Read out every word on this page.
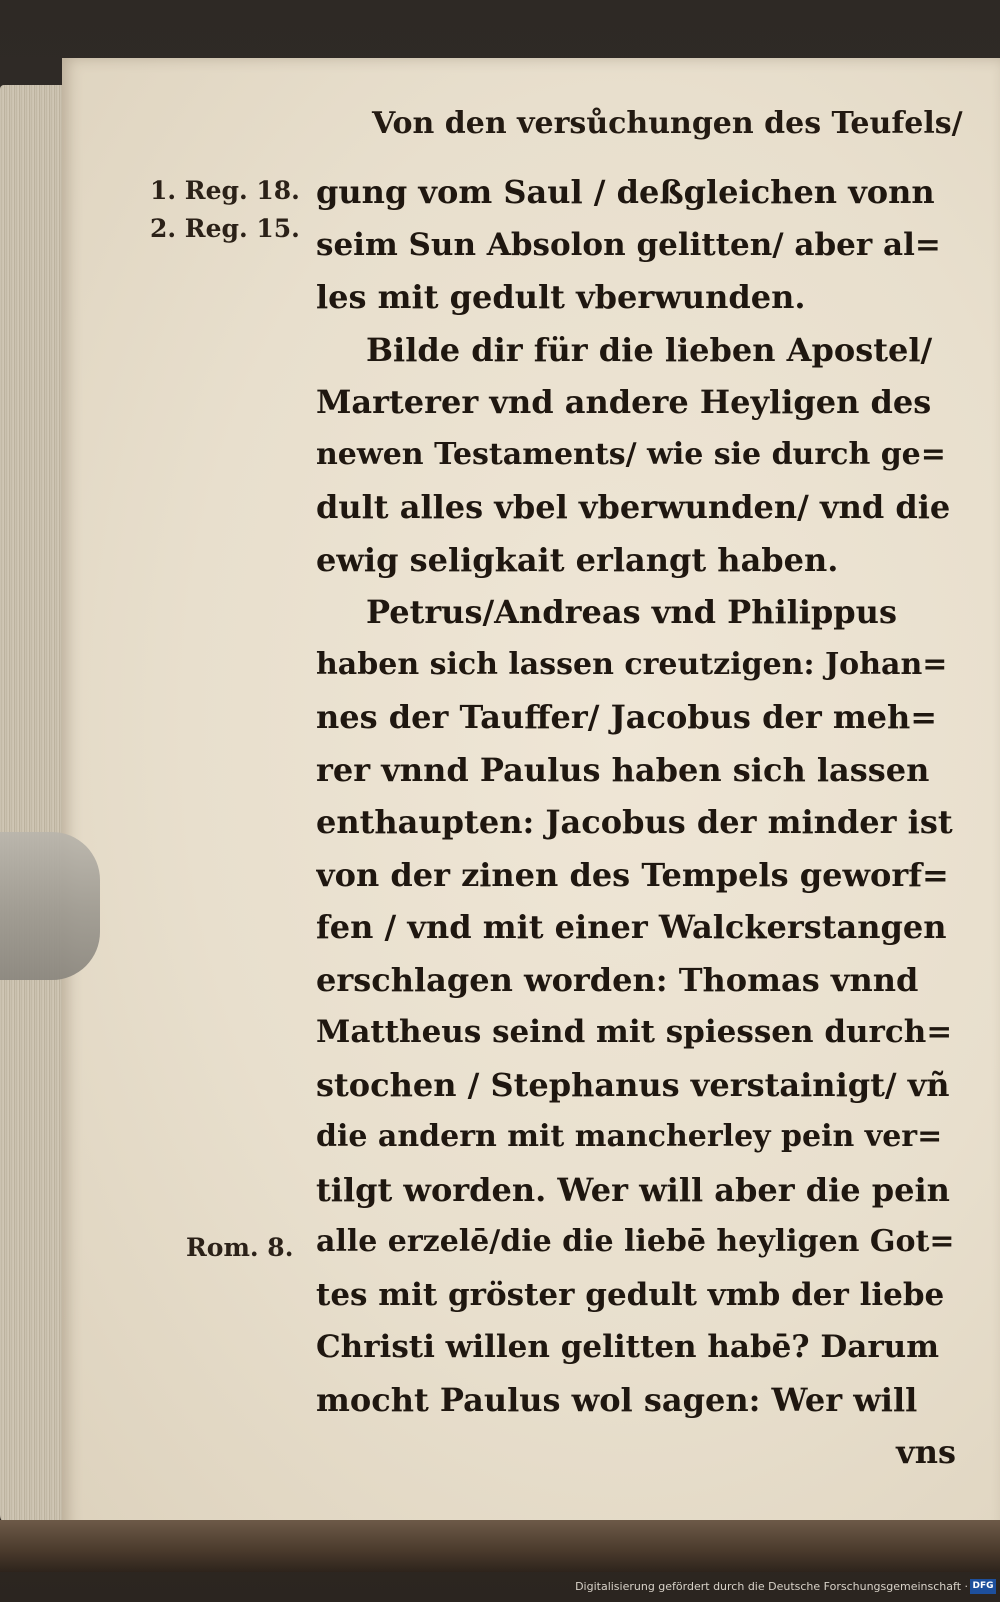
Von den versůchungen des Teufels/
1. Reg. 18.
2. Reg. 15.
Rom. 8.
gung vom Saul / deßgleichen vonn
seim Sun Absolon gelitten/ aber al=
les mit gedult vberwunden.
Bilde dir für die lieben Apostel/
Marterer vnd andere Heyligen des
newen Testaments/ wie sie durch ge=
dult alles vbel vberwunden/ vnd die
ewig seligkait erlangt haben.
Petrus/Andreas vnd Philippus
haben sich lassen creutzigen: Johan=
nes der Tauffer/ Jacobus der meh=
rer vnnd Paulus haben sich lassen
enthaupten: Jacobus der minder ist
von der zinen des Tempels geworf=
fen / vnd mit einer Walckerstangen
erschlagen worden: Thomas vnnd
Mattheus seind mit spiessen durch=
stochen / Stephanus verstainigt/ vñ
die andern mit mancherley pein ver=
tilgt worden. Wer will aber die pein
alle erzelē/die die liebē heyligen Got=
tes mit gröster gedult vmb der liebe
Christi willen gelitten habē? Darum
mocht Paulus wol sagen: Wer will
vns

Digitalisierung gefördert durch die Deutsche Forschungsgemeinschaft · DFG
